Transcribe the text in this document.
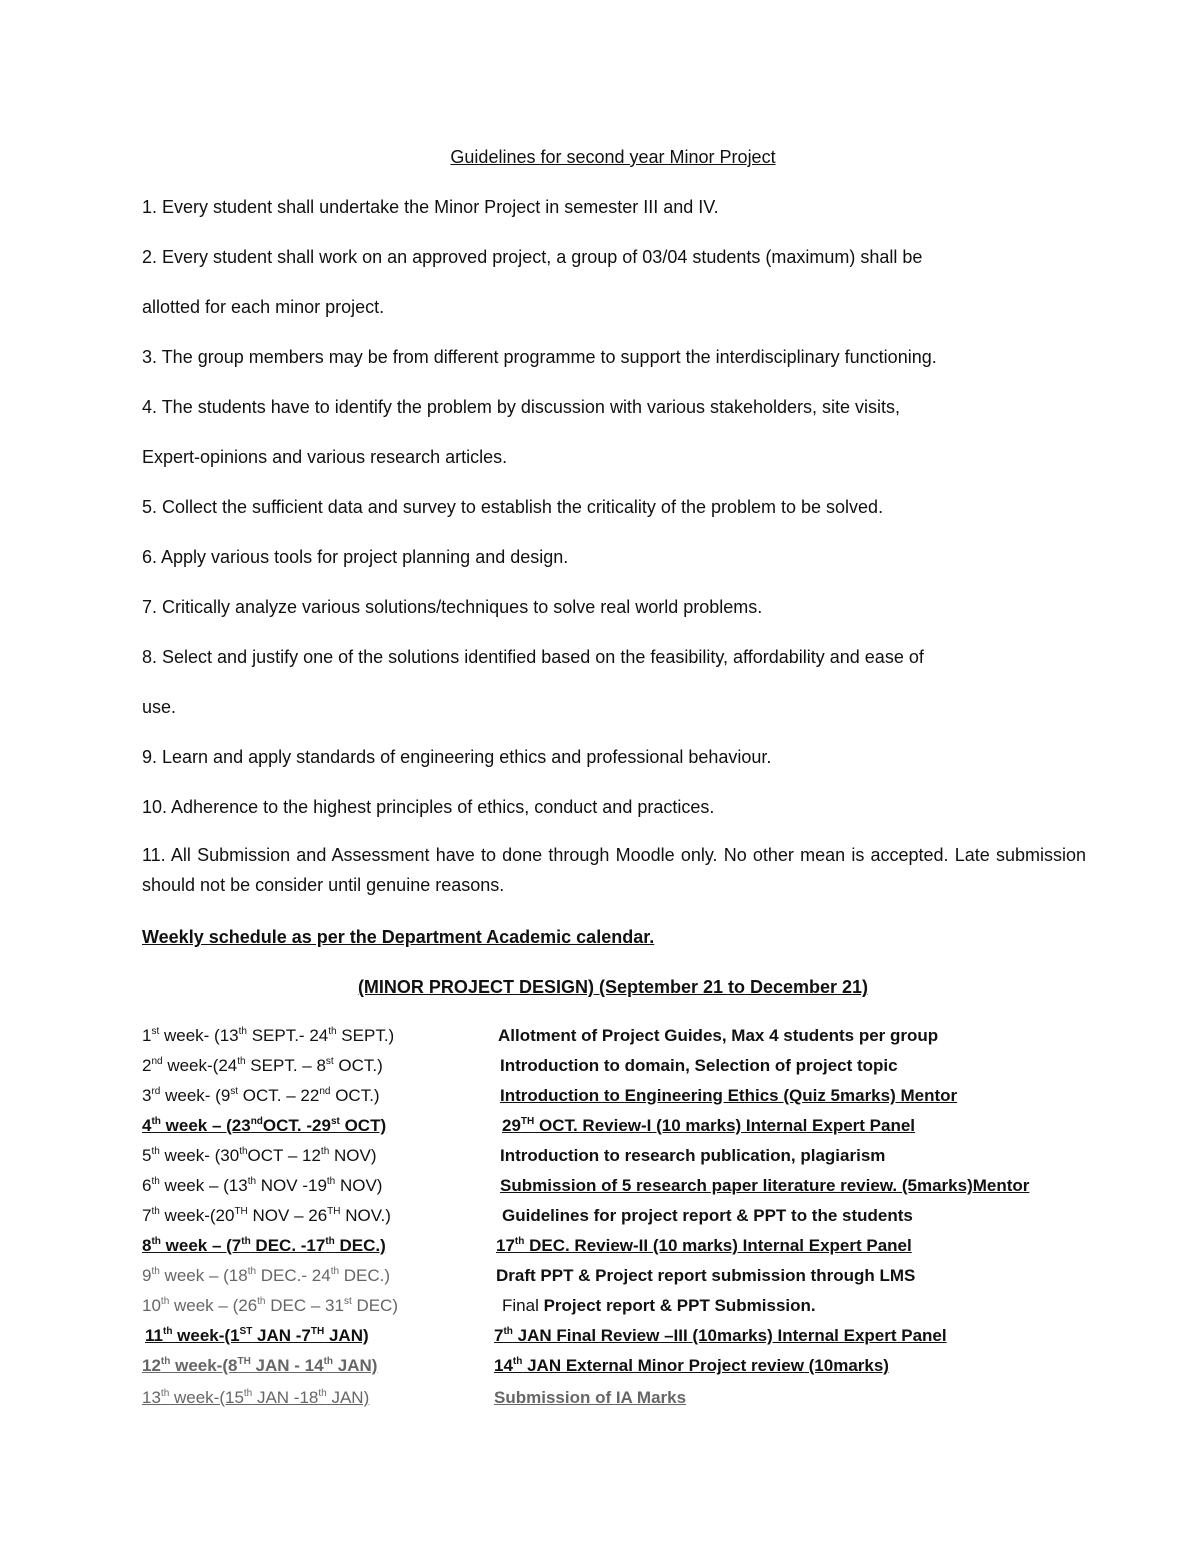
Guidelines for second year Minor Project
1. Every student shall undertake the Minor Project in semester III and IV.
2. Every student shall work on an approved project, a group of 03/04 students (maximum) shall be
allotted for each minor project.
3. The group members may be from different programme to support the interdisciplinary functioning.
4. The students have to identify the problem by discussion with various stakeholders, site visits,
Expert-opinions and various research articles.
5. Collect the sufficient data and survey to establish the criticality of the problem to be solved.
6. Apply various tools for project planning and design.
7. Critically analyze various solutions/techniques to solve real world problems.
8. Select and justify one of the solutions identified based on the feasibility, affordability and ease of
use.
9. Learn and apply standards of engineering ethics and professional behaviour.
10. Adherence to the highest principles of ethics, conduct and practices.
11. All Submission and Assessment have to done through Moodle only. No other mean is accepted. Late submission should not be consider until genuine reasons.
Weekly schedule as per the Department Academic calendar.
(MINOR PROJECT DESIGN) (September 21 to December 21)
1st week- (13th SEPT.- 24th SEPT.)	Allotment of Project Guides, Max 4 students per group
2nd week-(24th SEPT. – 8st OCT.)	Introduction to domain, Selection of project topic
3rd week- (9st OCT. – 22nd OCT.)	Introduction to Engineering Ethics (Quiz 5marks) Mentor
4th week – (23ndOCT. -29st OCT)	29TH OCT. Review-I (10 marks) Internal Expert Panel
5th week- (30thOCT – 12th NOV)	Introduction to research publication, plagiarism
6th week – (13th NOV -19th NOV)	Submission of 5 research paper literature review. (5marks)Mentor
7th week-(20TH NOV – 26TH NOV.)	Guidelines for project report & PPT to the students
8th week – (7th DEC. -17th DEC.)	17th DEC. Review-II (10 marks) Internal Expert Panel
9th week – (18th DEC.- 24th DEC.)	Draft PPT & Project report submission through LMS
10th week – (26th DEC – 31st DEC)	Final Project report & PPT Submission.
11th week-(1ST JAN -7TH JAN)	7th JAN Final Review –III (10marks) Internal Expert Panel
12th week-(8TH JAN - 14th JAN)	14th JAN External Minor Project review (10marks)
13th week-(15th JAN -18th JAN)	Submission of IA Marks
